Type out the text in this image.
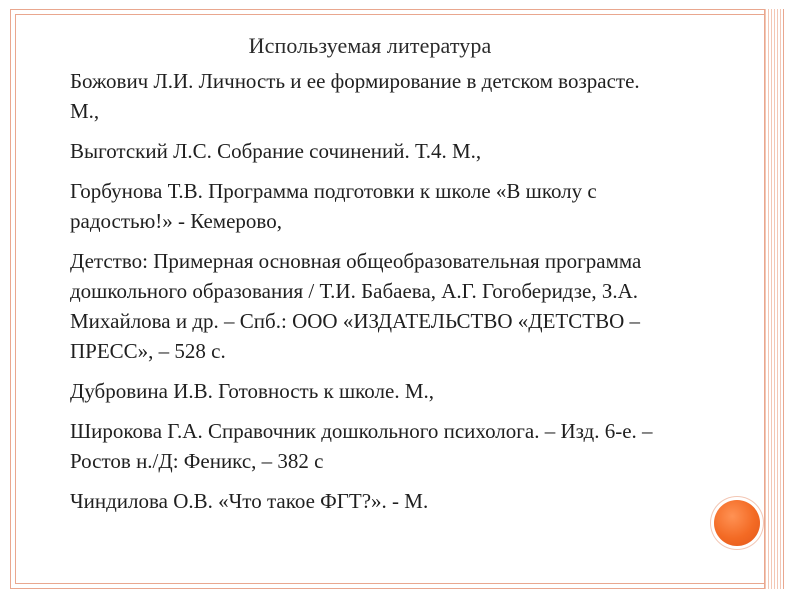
Используемая литература
Божович Л.И. Личность и ее формирование в детском возрасте. М.,
Выготский Л.С. Собрание сочинений. Т.4. М.,
Горбунова Т.В. Программа подготовки к школе «В школу с радостью!» - Кемерово,
Детство: Примерная основная общеобразовательная программа дошкольного образования / Т.И. Бабаева, А.Г. Гогоберидзе, З.А. Михайлова и др. – Спб.: ООО «ИЗДАТЕЛЬСТВО «ДЕТСТВО – ПРЕСС», – 528 с.
Дубровина И.В. Готовность к школе. М.,
Широкова Г.А. Справочник дошкольного психолога. – Изд. 6-е. – Ростов н./Д: Феникс, – 382 с
Чиндилова О.В. «Что такое ФГТ?». - М.
